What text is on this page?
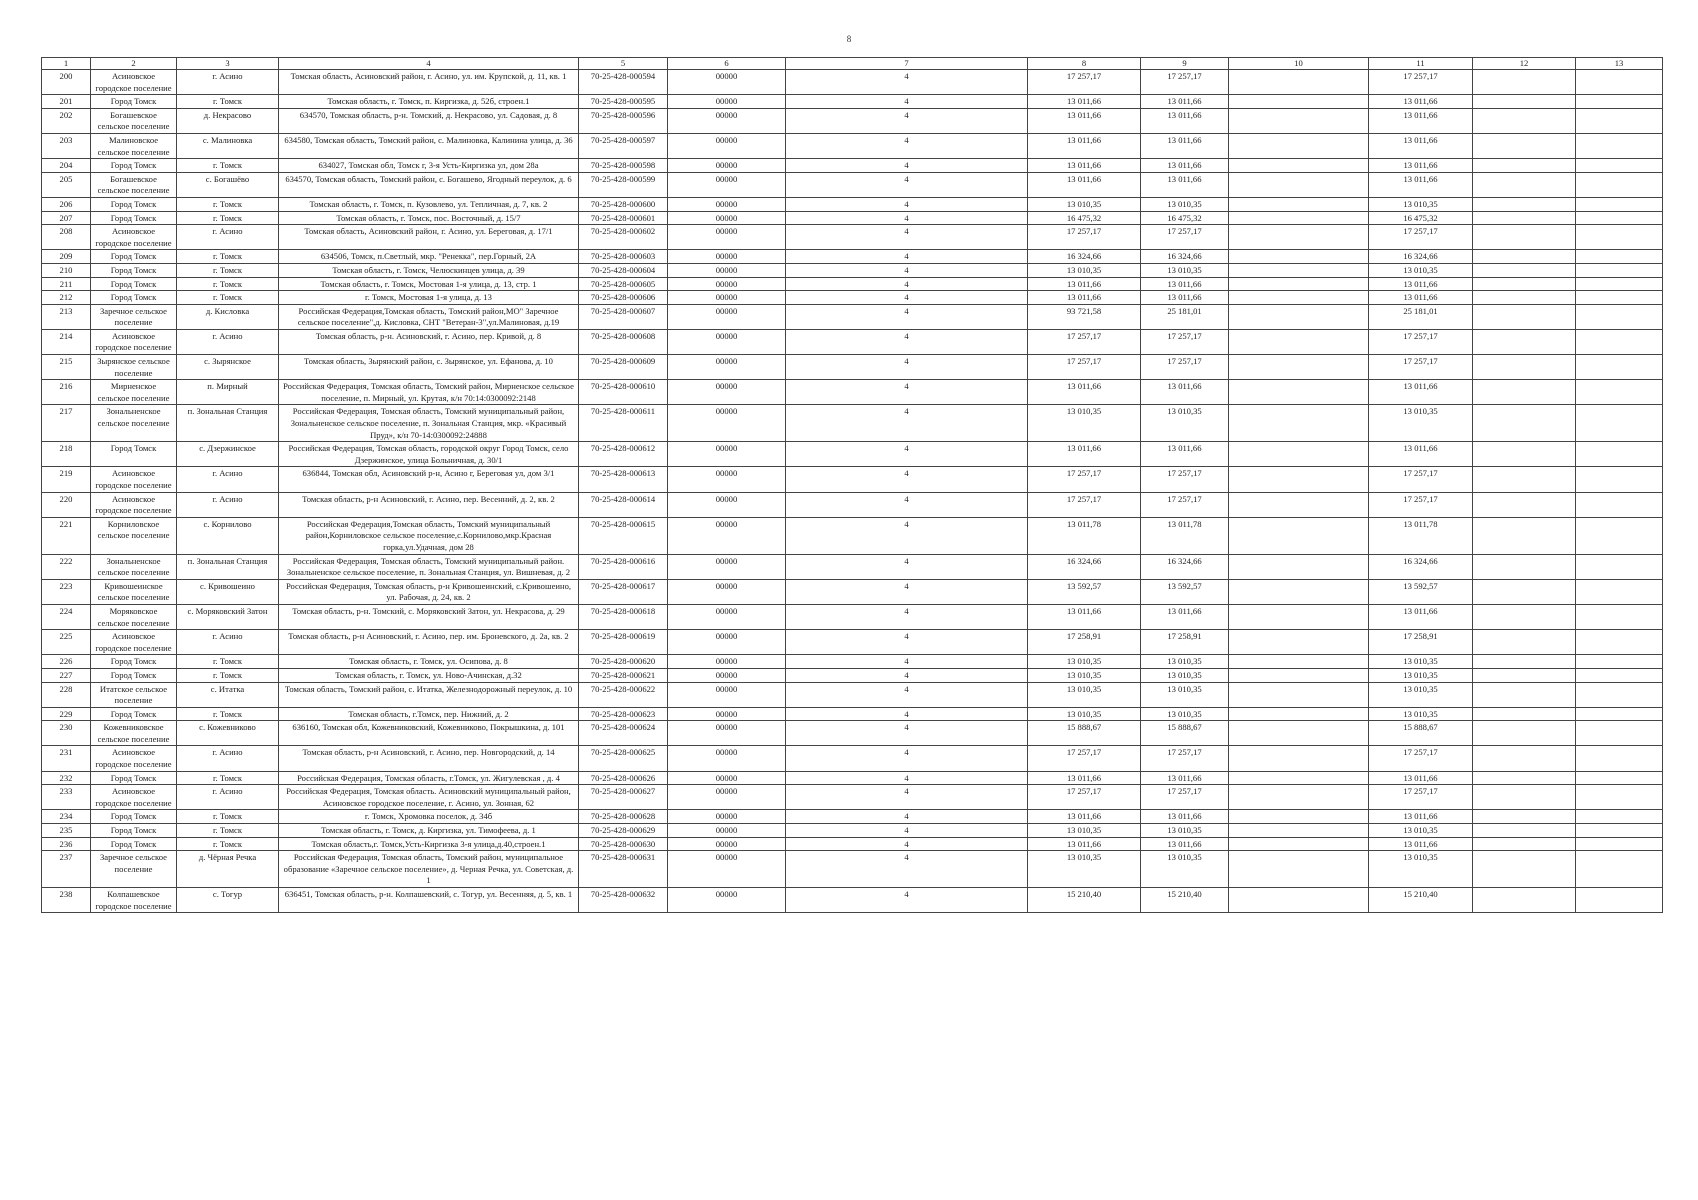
8
1	2	3	4	5	6	7	8	9	10	11	12	13
200	Асиновское городское поселение	г. Асино	Томская область, Асиновский район, г. Асино, ул. им. Крупской, д. 11, кв. 1	70-25-428-000594	00000	4	17 257,17	17 257,17		17 257,17		
201	Город Томск	г. Томск	Томская область, г. Томск, п. Киргизка, д. 52б, строен.1	70-25-428-000595	00000	4	13 011,66	13 011,66		13 011,66		
202	Богашевское сельское поселение	д. Некрасово	634570, Томская область, р-н. Томский, д. Некрасово, ул. Садовая, д. 8	70-25-428-000596	00000	4	13 011,66	13 011,66		13 011,66		
203	Малиновское сельское поселение	с. Малиновка	634580, Томская область, Томский район, с. Малиновка, Калинина улица, д. 36	70-25-428-000597	00000	4	13 011,66	13 011,66		13 011,66		
204	Город Томск	г. Томск	634027, Томская обл, Томск г, 3-я Усть-Киргизка ул, дом 28а	70-25-428-000598	00000	4	13 011,66	13 011,66		13 011,66		
205	Богашевское сельское поселение	с. Богашёво	634570, Томская область, Томский район, с. Богашево, Ягодный переулок, д. 6	70-25-428-000599	00000	4	13 011,66	13 011,66		13 011,66		
206	Город Томск	г. Томск	Томская область, г. Томск, п. Кузовлево, ул. Тепличная, д. 7, кв. 2	70-25-428-000600	00000	4	13 010,35	13 010,35		13 010,35		
207	Город Томск	г. Томск	Томская область, г. Томск, пос. Восточный, д. 15/7	70-25-428-000601	00000	4	16 475,32	16 475,32		16 475,32		
208	Асиновское городское поселение	г. Асино	Томская область, Асиновский район, г. Асино, ул. Береговая, д. 17/1	70-25-428-000602	00000	4	17 257,17	17 257,17		17 257,17		
209	Город Томск	г. Томск	634506, Томск, п.Светлый, мкр. "Ренекка", пер.Горный, 2А	70-25-428-000603	00000	4	16 324,66	16 324,66		16 324,66		
210	Город Томск	г. Томск	Томская область, г. Томск, Челюскинцев улица, д. 39	70-25-428-000604	00000	4	13 010,35	13 010,35		13 010,35		
211	Город Томск	г. Томск	Томская область, г. Томск, Мостовая 1-я улица, д. 13, стр. 1	70-25-428-000605	00000	4	13 011,66	13 011,66		13 011,66		
212	Город Томск	г. Томск	г. Томск, Мостовая 1-я улица, д. 13	70-25-428-000606	00000	4	13 011,66	13 011,66		13 011,66		
213	Заречное сельское поселение	д. Кисловка	Российская Федерация,Томская область, Томский район,МО" Заречное сельское поселение",д. Кисловка, СНТ "Ветеран-3",ул.Малиновая, д.19	70-25-428-000607	00000	4	93 721,58	25 181,01		25 181,01		
214	Асиновское городское поселение	г. Асино	Томская область, р-н. Асиновский, г. Асино, пер. Кривой, д. 8	70-25-428-000608	00000	4	17 257,17	17 257,17		17 257,17		
215	Зырянское сельское поселение	с. Зырянское	Томская область, Зырянский район, с. Зырянское, ул. Ефанова, д. 10	70-25-428-000609	00000	4	17 257,17	17 257,17		17 257,17		
216	Мирненское сельское поселение	п. Мирный	Российская Федерация, Томская область, Томский район, Мирненское сельское поселение, п. Мирный, ул. Крутая, к/н 70:14:0300092:2148	70-25-428-000610	00000	4	13 011,66	13 011,66		13 011,66		
217	Зональненское сельское поселение	п. Зональная Станция	Российская Федерация, Томская область, Томский муниципальный район, Зональненское сельское поселение, п. Зональная Станция, мкр. «Красивый Пруд», к/н 70-14:0300092:24888	70-25-428-000611	00000	4	13 010,35	13 010,35		13 010,35		
218	Город Томск	с. Дзержинское	Российская Федерация, Томская область, городской округ Город Томск, село Дзержинское, улица Больничная, д. 30/1	70-25-428-000612	00000	4	13 011,66	13 011,66		13 011,66		
219	Асиновское городское поселение	г. Асино	636844, Томская обл, Асиновский р-н, Асино г, Береговая ул, дом 3/1	70-25-428-000613	00000	4	17 257,17	17 257,17		17 257,17		
220	Асиновское городское поселение	г. Асино	Томская область, р-н Асиновский, г. Асино, пер. Весенний, д. 2, кв. 2	70-25-428-000614	00000	4	17 257,17	17 257,17		17 257,17		
221	Корниловское сельское поселение	с. Корнилово	Российская Федерация,Томская область, Томский муниципальный район,Корниловское сельское поселение,с.Корнилово,мкр.Красная горка,ул.Удачная, дом 28	70-25-428-000615	00000	4	13 011,78	13 011,78		13 011,78		
222	Зональненское сельское поселение	п. Зональная Станция	Российская Федерация, Томская область, Томский муниципальный район. Зональненское сельское поселение, п. Зональная Станция, ул. Вишневая, д. 2	70-25-428-000616	00000	4	16 324,66	16 324,66		16 324,66		
223	Кривошеинское сельское поселение	с. Кривошеино	Российская Федерация, Томская область, р-н Кривошеинский, с.Кривошеино, ул. Рабочая, д. 24, кв. 2	70-25-428-000617	00000	4	13 592,57	13 592,57		13 592,57		
224	Моряковское сельское поселение	с. Моряковский Затон	Томская область, р-н. Томский, с. Моряковский Затон, ул. Некрасова, д. 29	70-25-428-000618	00000	4	13 011,66	13 011,66		13 011,66		
225	Асиновское городское поселение	г. Асино	Томская область, р-н Асиновский, г. Асино, пер. им. Броневского, д. 2а, кв. 2	70-25-428-000619	00000	4	17 258,91	17 258,91		17 258,91		
226	Город Томск	г. Томск	Томская область, г. Томск, ул. Осипова, д. 8	70-25-428-000620	00000	4	13 010,35	13 010,35		13 010,35		
227	Город Томск	г. Томск	Томская область, г. Томск, ул. Ново-Ачинская, д.32	70-25-428-000621	00000	4	13 010,35	13 010,35		13 010,35		
228	Итатское сельское поселение	с. Итатка	Томская область, Томский район, с. Итатка, Железнодорожный переулок, д. 10	70-25-428-000622	00000	4	13 010,35	13 010,35		13 010,35		
229	Город Томск	г. Томск	Томская область, г.Томск, пер. Нижний, д. 2	70-25-428-000623	00000	4	13 010,35	13 010,35		13 010,35		
230	Кожевниковское сельское поселение	с. Кожевниково	636160, Томская обл, Кожевниковский, Кожевниково, Покрышкина, д. 101	70-25-428-000624	00000	4	15 888,67	15 888,67		15 888,67		
231	Асиновское городское поселение	г. Асино	Томская область, р-н Асиновский, г. Асино, пер. Новгородский, д. 14	70-25-428-000625	00000	4	17 257,17	17 257,17		17 257,17		
232	Город Томск	г. Томск	Российская Федерация, Томская область, г.Томск, ул. Жигулевская , д. 4	70-25-428-000626	00000	4	13 011,66	13 011,66		13 011,66		
233	Асиновское городское поселение	г. Асино	Российская Федерация, Томская область. Асиновский муниципальный район, Асиновское городское поселение, г. Асино, ул. Зонная, 62	70-25-428-000627	00000	4	17 257,17	17 257,17		17 257,17		
234	Город Томск	г. Томск	г. Томск, Хромовка поселок, д. 34б	70-25-428-000628	00000	4	13 011,66	13 011,66		13 011,66		
235	Город Томск	г. Томск	Томская область, г. Томск, д. Киргизка, ул. Тимофеева, д. 1	70-25-428-000629	00000	4	13 010,35	13 010,35		13 010,35		
236	Город Томск	г. Томск	Томская область,г. Томск,Усть-Киргизка 3-я улица,д.40,строен.1	70-25-428-000630	00000	4	13 011,66	13 011,66		13 011,66		
237	Заречное сельское поселение	д. Чёрная Речка	Российская Федерация, Томская область, Томский район, муниципальное образование «Заречное сельское поселение», д. Черная Речка, ул. Советская, д. 1	70-25-428-000631	00000	4	13 010,35	13 010,35		13 010,35		
238	Колпашевское городское поселение	с. Тогур	636451, Томская область, р-н. Колпашевский, с. Тогур, ул. Весенняя, д. 5, кв. 1	70-25-428-000632	00000	4	15 210,40	15 210,40		15 210,40		
